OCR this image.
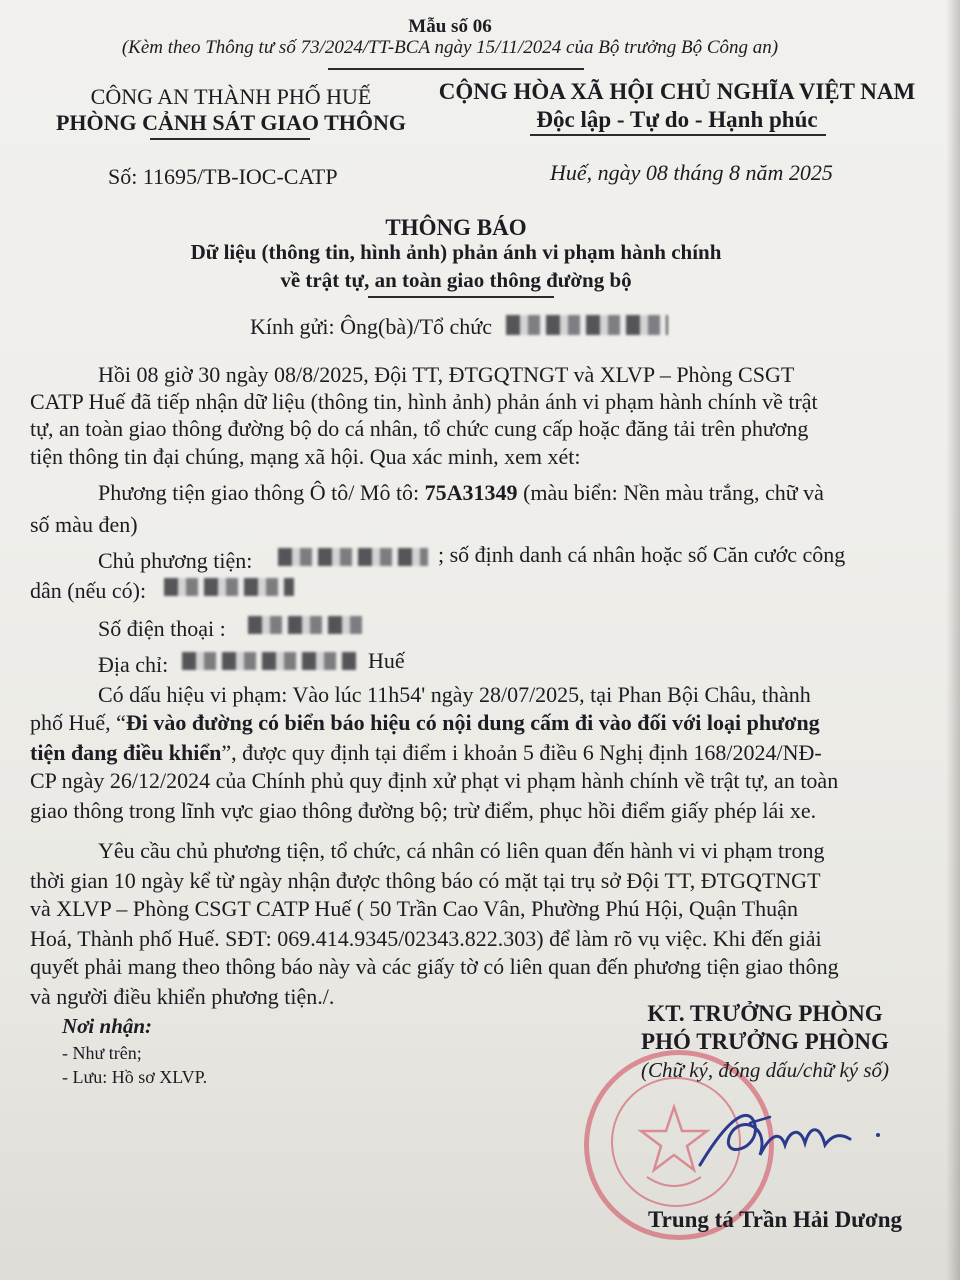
Mẫu số 06
(Kèm theo Thông tư số 73/2024/TT-BCA ngày 15/11/2024 của Bộ trưởng Bộ Công an)
CÔNG AN THÀNH PHỐ HUẾ
PHÒNG CẢNH SÁT GIAO THÔNG
CỘNG HÒA XÃ HỘI CHỦ NGHĨA VIỆT NAM
Độc lập - Tự do - Hạnh phúc
Số: 11695/TB-IOC-CATP	Huế, ngày 08 tháng 8 năm 2025
THÔNG BÁO
Dữ liệu (thông tin, hình ảnh) phản ánh vi phạm hành chính
về trật tự, an toàn giao thông đường bộ
Kính gửi: Ông(bà)/Tổ chức
Hồi 08 giờ 30 ngày 08/8/2025, Đội TT, ĐTGQTNGT và XLVP – Phòng CSGT
CATP Huế đã tiếp nhận dữ liệu (thông tin, hình ảnh) phản ánh vi phạm hành chính về trật
tự, an toàn giao thông đường bộ do cá nhân, tổ chức cung cấp hoặc đăng tải trên phương
tiện thông tin đại chúng, mạng xã hội. Qua xác minh, xem xét:
Phương tiện giao thông Ô tô/ Mô tô: 75A31349 (màu biển: Nền màu trắng, chữ và
số màu đen)
Chủ phương tiện:	; số định danh cá nhân hoặc số Căn cước công
dân (nếu có):
Số điện thoại :
Địa chỉ:	Huế
Có dấu hiệu vi phạm: Vào lúc 11h54' ngày 28/07/2025, tại Phan Bội Châu, thành
phố Huế, “Đi vào đường có biển báo hiệu có nội dung cấm đi vào đối với loại phương
tiện đang điều khiển”, được quy định tại điểm i khoản 5 điều 6 Nghị định 168/2024/NĐ-
CP ngày 26/12/2024 của Chính phủ quy định xử phạt vi phạm hành chính về trật tự, an toàn
giao thông trong lĩnh vực giao thông đường bộ; trừ điểm, phục hồi điểm giấy phép lái xe.
Yêu cầu chủ phương tiện, tổ chức, cá nhân có liên quan đến hành vi vi phạm trong
thời gian 10 ngày kể từ ngày nhận được thông báo có mặt tại trụ sở Đội TT, ĐTGQTNGT
và XLVP – Phòng CSGT CATP Huế ( 50 Trần Cao Vân, Phường Phú Hội, Quận Thuận
Hoá, Thành phố Huế. SĐT: 069.414.9345/02343.822.303) để làm rõ vụ việc. Khi đến giải
quyết phải mang theo thông báo này và các giấy tờ có liên quan đến phương tiện giao thông
và người điều khiển phương tiện./.
Nơi nhận:
- Như trên;
- Lưu: Hồ sơ XLVP.
KT. TRƯỞNG PHÒNG
PHÓ TRƯỞNG PHÒNG
(Chữ ký, đóng dấu/chữ ký số)
Trung tá Trần Hải Dương
